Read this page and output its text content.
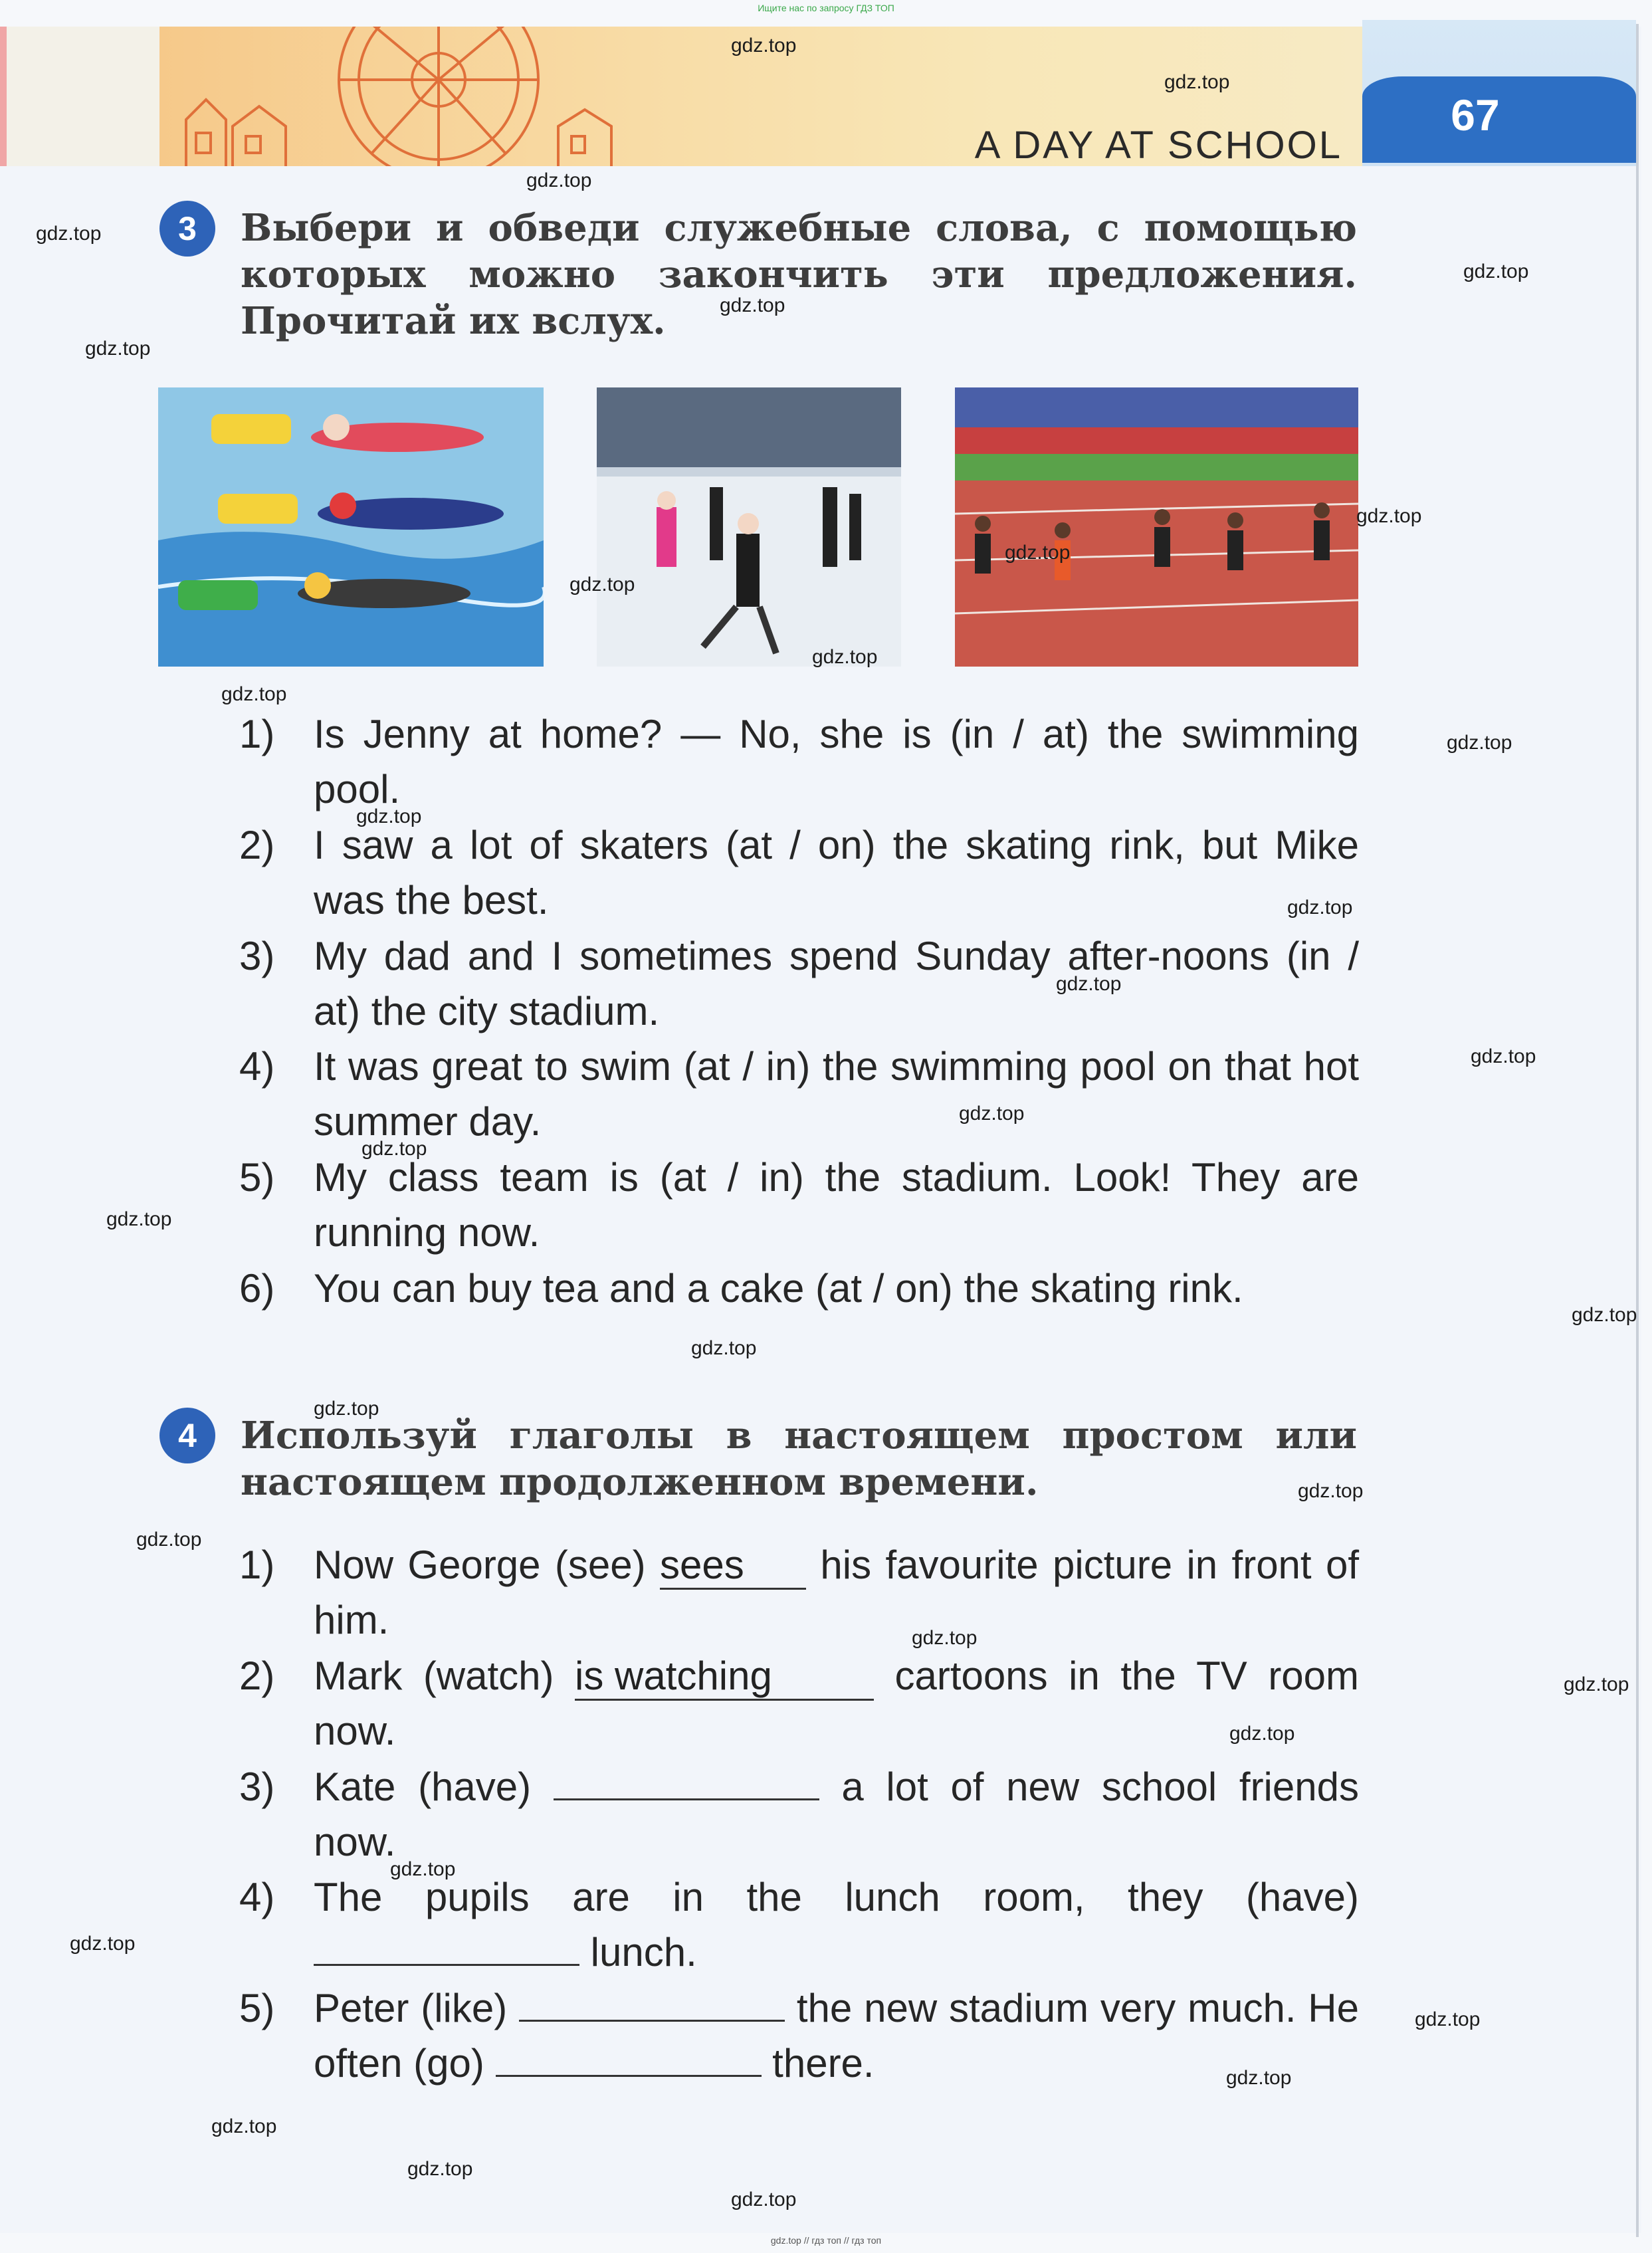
Ищите нас по запросу ГДЗ ТОП
67
A DAY AT SCHOOL
3	Выбери и обведи служебные слова, с помощью которых можно закончить эти предложения. Прочитай их вслух.
1) Is Jenny at home? — No, she is (in / at) the swimming pool.
2) I saw a lot of skaters (at / on) the skating rink, but Mike was the best.
3) My dad and I sometimes spend Sunday after-noons (in / at) the city stadium.
4) It was great to swim (at / in) the swimming pool on that hot summer day.
5) My class team is (at / in) the stadium. Look! They are running now.
6) You can buy tea and a cake (at / on) the skating rink.
4	Используй глаголы в настоящем простом или настоящем продолженном времени.
1) Now George (see) sees his favourite picture in front of him.
2) Mark (watch) is watching	cartoons in the TV room now.
3) Kate (have)	a lot of new school friends now.
4) The pupils are in the lunch room, they (have)  lunch.
5) Peter (like)	the new stadium very much. He often (go)	there.
gdz.top
gdz.top
gdz.top
gdz.top
gdz.top
gdz.top
gdz.top
gdz.top
gdz.top
gdz.top
gdz.top
gdz.top
gdz.top
gdz.top
gdz.top
gdz.top
gdz.top
gdz.top
gdz.top
gdz.top
gdz.top
gdz.top
gdz.top
gdz.top
gdz.top
gdz.top
gdz.top
gdz.top
gdz.top
gdz.top
gdz.top
gdz.top
gdz.top
gdz.top
gdz.top
gdz.top // гдз топ // гдз топ
